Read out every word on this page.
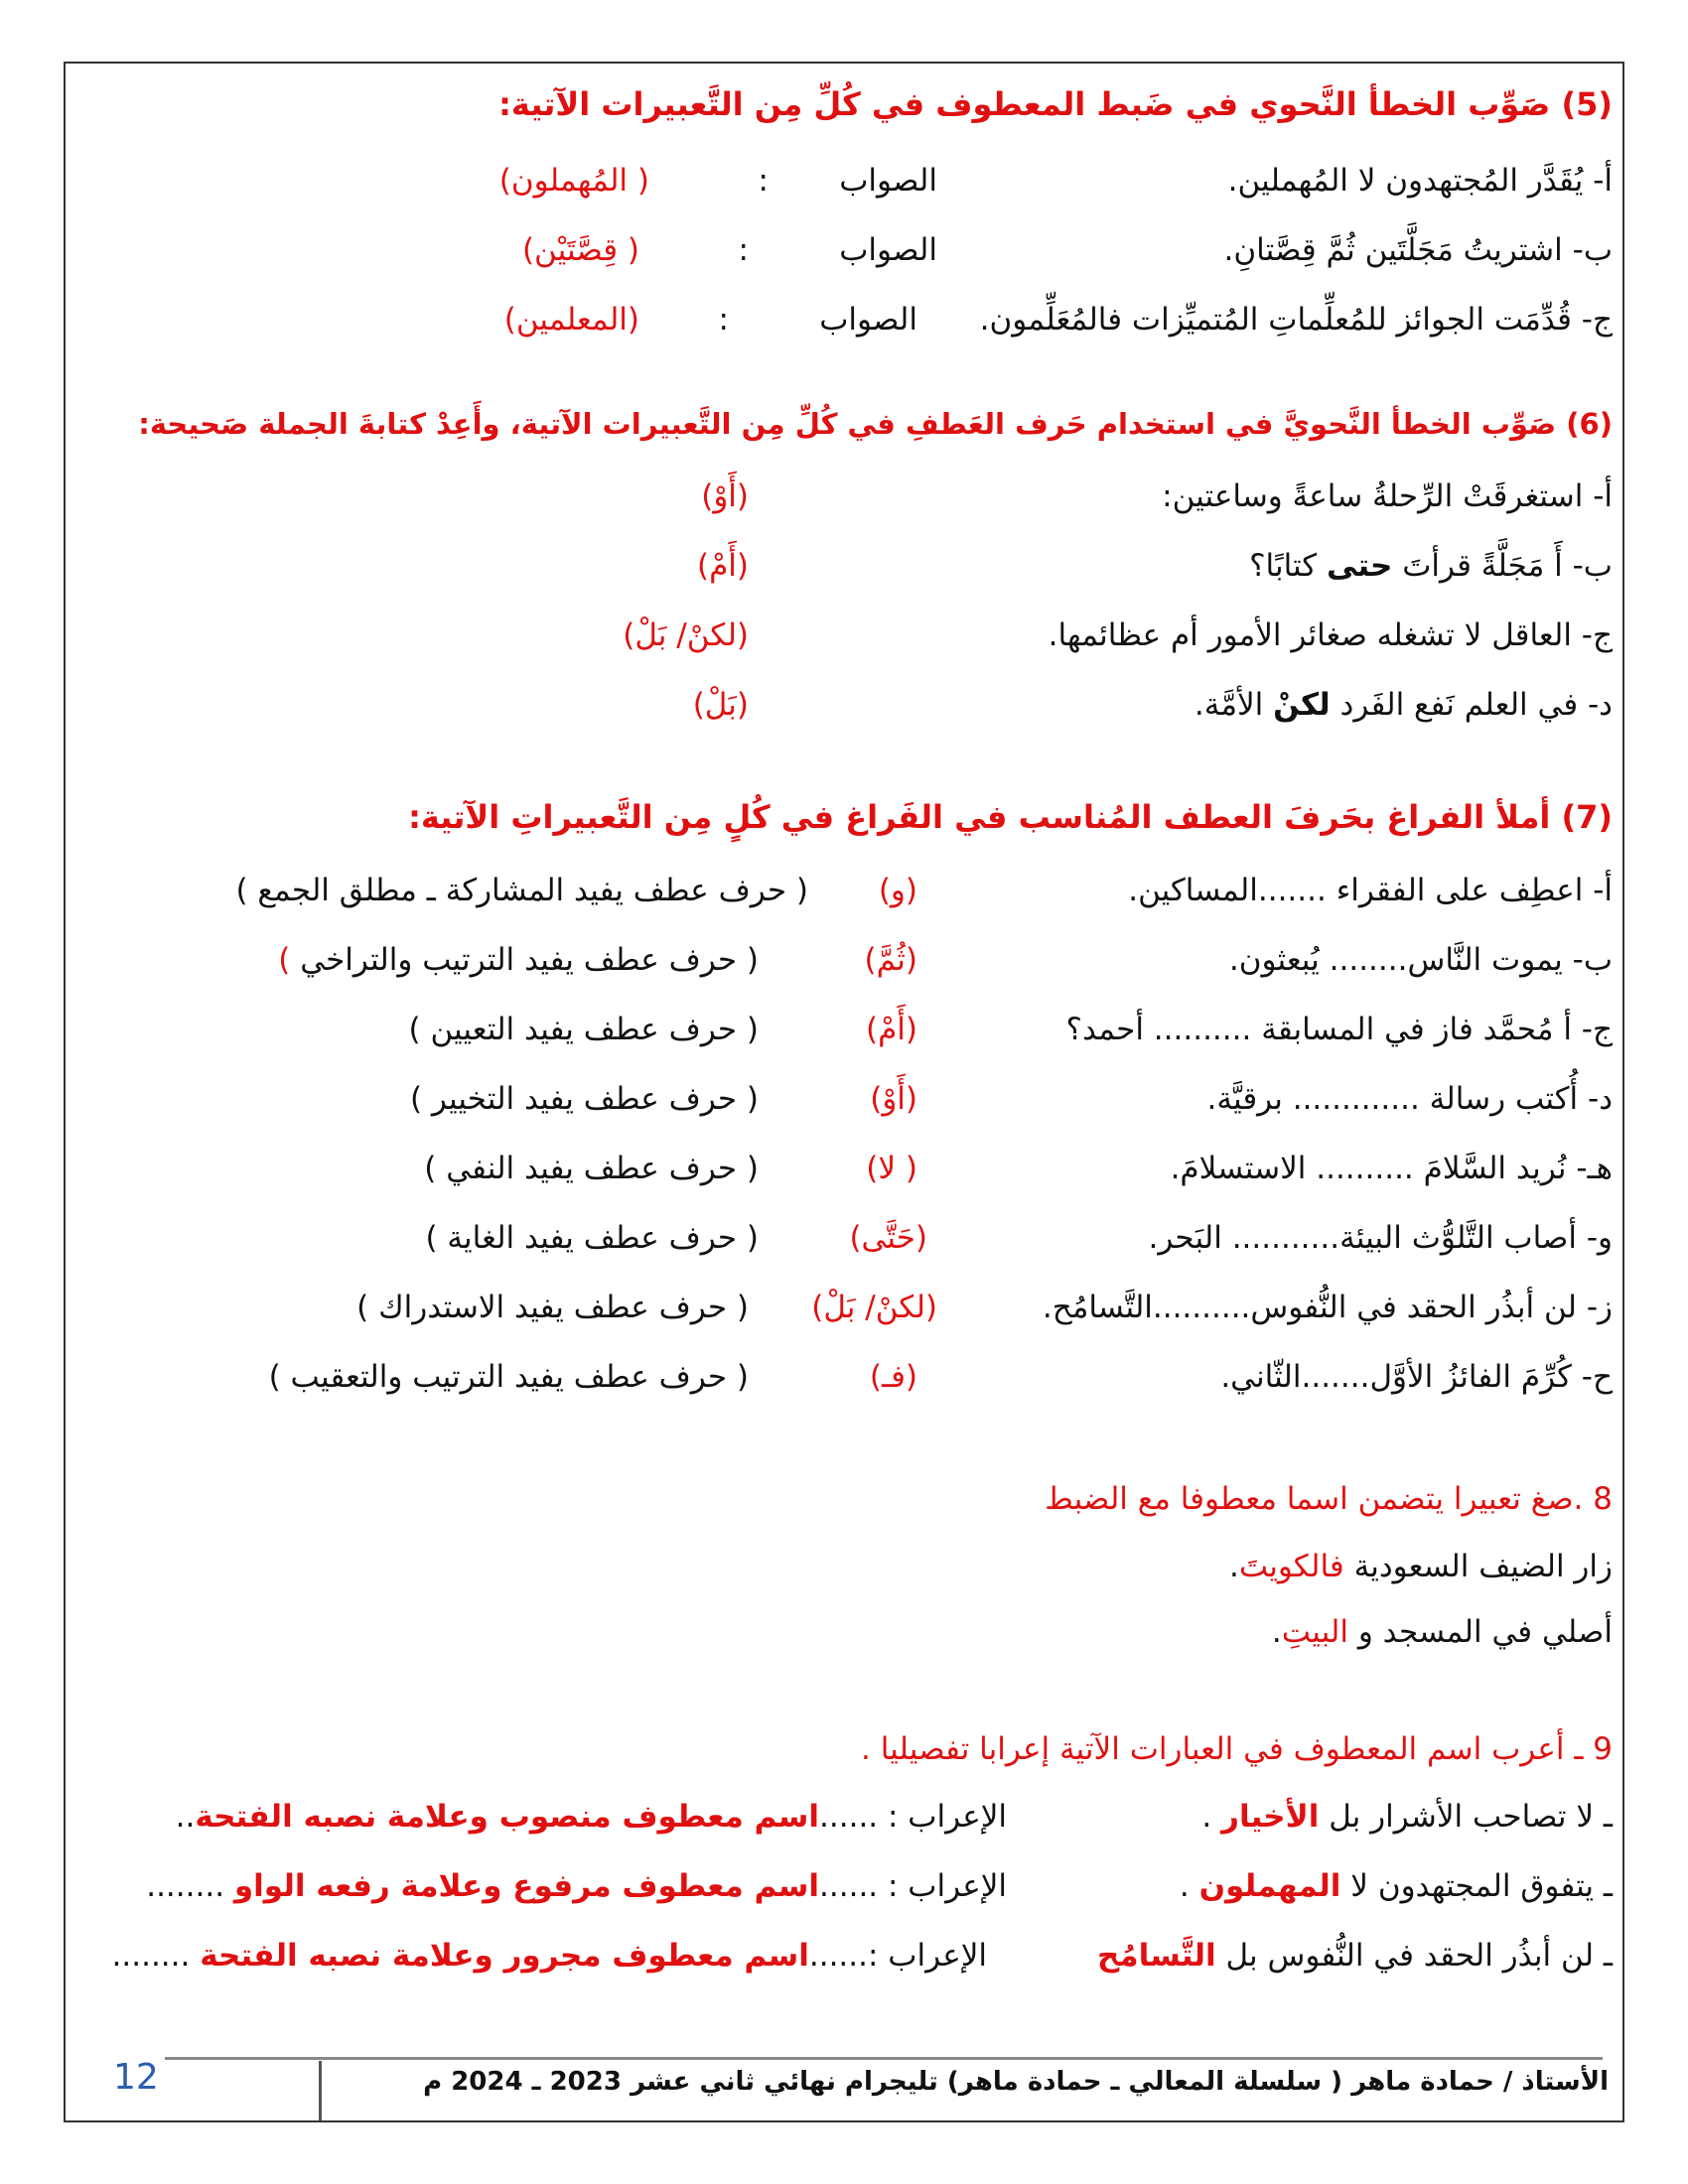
(5) صَوِّب الخطأ النَّحوي في ضَبط المعطوف في كُلِّ مِن التَّعبيرات الآتية:
أ- يُقَدَّر المُجتهدون لا المُهملين.
الصواب
:
( المُهملون)
ب- اشتريتُ مَجَلَّتَين ثُمَّ قِصَّتانِ.
الصواب
:
( قِصَّتَيْن)
ج- قُدِّمَت الجوائز للمُعلِّماتِ المُتميِّزات فالمُعَلِّمون.
الصواب
:
(المعلمين)
(6) صَوِّب الخطأ النَّحويَّ في استخدام حَرف العَطفِ في كُلِّ مِن التَّعبيرات الآتية، وأَعِدْ كتابةَ الجملة صَحيحة:
أ- استغرقَتْ الرِّحلةُ ساعةً وساعتين:
(أَوْ)
ب- أَ مَجَلَّةً قرأتَ حتى كتابًا؟
(أَمْ)
ج- العاقل لا تشغله صغائر الأمور أم عظائمها.
(لكنْ/ بَلْ)
د- في العلم نَفع الفَرد لكنْ الأمَّة.
(بَلْ)
(7) أملأ الفراغ بحَرفَ العطف المُناسب في الفَراغ في كُلٍ مِن التَّعبيراتِ الآتية:
أ- اعطِف على الفقراء .......المساكين.
(و)
( حرف عطف يفيد المشاركة ـ مطلق الجمع )
ب- يموت النَّاس........ يُبعثون.
(ثُمَّ)
( حرف عطف يفيد الترتيب والتراخي )
ج- أ مُحمَّد فاز في المسابقة .......... أحمد؟
(أَمْ)
( حرف عطف يفيد التعيين )
د- أُكتب رسالة ............. برقيَّة.
(أَوْ)
( حرف عطف يفيد التخيير )
هـ- نُريد السَّلامَ .......... الاستسلامَ.
( لا)
( حرف عطف يفيد النفي )
و- أصاب التَّلوُّث البيئة........... البَحر.
(حَتَّى)
( حرف عطف يفيد الغاية )
ز- لن أبذُر الحقد في النُّفوس..........التَّسامُح.
(لكنْ/ بَلْ)
( حرف عطف يفيد الاستدراك )
ح- كُرِّمَ الفائزُ الأوَّل.......الثّاني.
(فـ)
( حرف عطف يفيد الترتيب والتعقيب )
8 .صغ تعبيرا يتضمن اسما معطوفا مع الضبط
زار الضيف السعودية فالكويتَ.
أصلي في المسجد و البيتِ.
9 ـ أعرب اسم المعطوف في العبارات الآتية إعرابا تفصيليا .
ـ لا تصاحب الأشرار بل الأخيار .
الإعراب : ......اسم معطوف منصوب وعلامة نصبه الفتحة..
ـ يتفوق المجتهدون لا المهملون .
الإعراب : ......اسم معطوف مرفوع وعلامة رفعه الواو ........
ـ لن أبذُر الحقد في النُّفوس بل التَّسامُح
الإعراب :......اسم معطوف مجرور وعلامة نصبه الفتحة ........
الأستاذ / حمادة ماهر ( سلسلة المعالي ـ حمادة ماهر) تليجرام نهائي ثاني عشر 2023 ـ 2024 م
12
